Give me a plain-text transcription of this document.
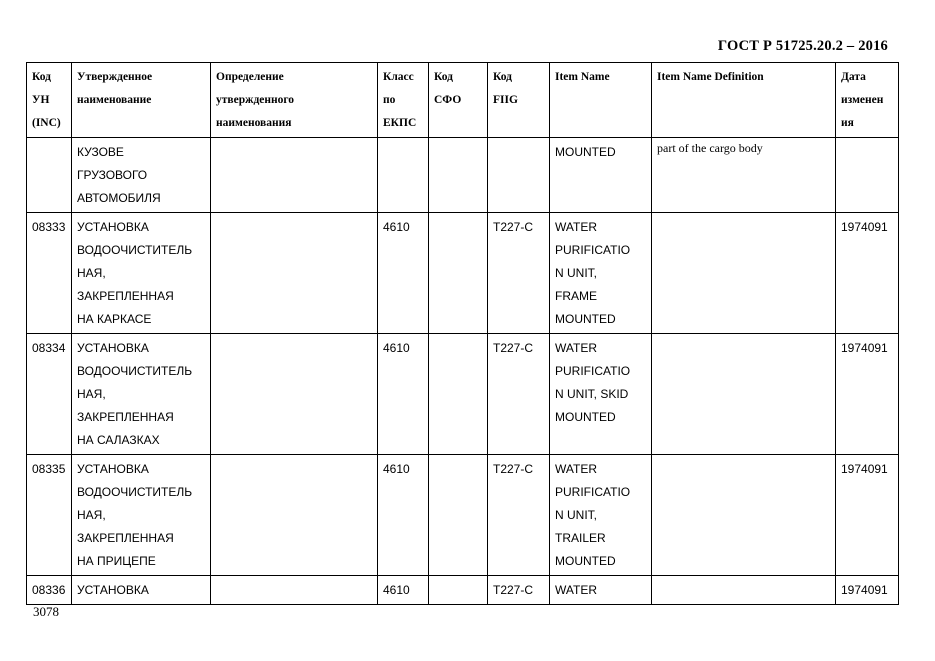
ГОСТ Р 51725.20.2 – 2016
Код
УН
(INC)	Утвержденное
наименование	Определение
утвержденного
наименования	Класс
по
ЕКПС	Код
СФО	Код
FIIG	Item Name	Item Name Definition	Дата
изменен
ия

	КУЗОВЕ
ГРУЗОВОГО
АВТОМОБИЛЯ					MOUNTED	part of the cargo body	
08333	УСТАНОВКА
ВОДООЧИСТИТЕЛЬ
НАЯ,
ЗАКРЕПЛЕННАЯ
НА КАРКАСЕ		4610		T227-C	WATER
PURIFICATIO
N UNIT,
FRAME
MOUNTED		1974091
08334	УСТАНОВКА
ВОДООЧИСТИТЕЛЬ
НАЯ,
ЗАКРЕПЛЕННАЯ
НА САЛАЗКАХ		4610		T227-C	WATER
PURIFICATIO
N UNIT, SKID
MOUNTED		1974091
08335	УСТАНОВКА
ВОДООЧИСТИТЕЛЬ
НАЯ,
ЗАКРЕПЛЕННАЯ
НА ПРИЦЕПЕ		4610		T227-C	WATER
PURIFICATIO
N UNIT,
TRAILER
MOUNTED		1974091
08336	УСТАНОВКА		4610		T227-C	WATER		1974091
3078
